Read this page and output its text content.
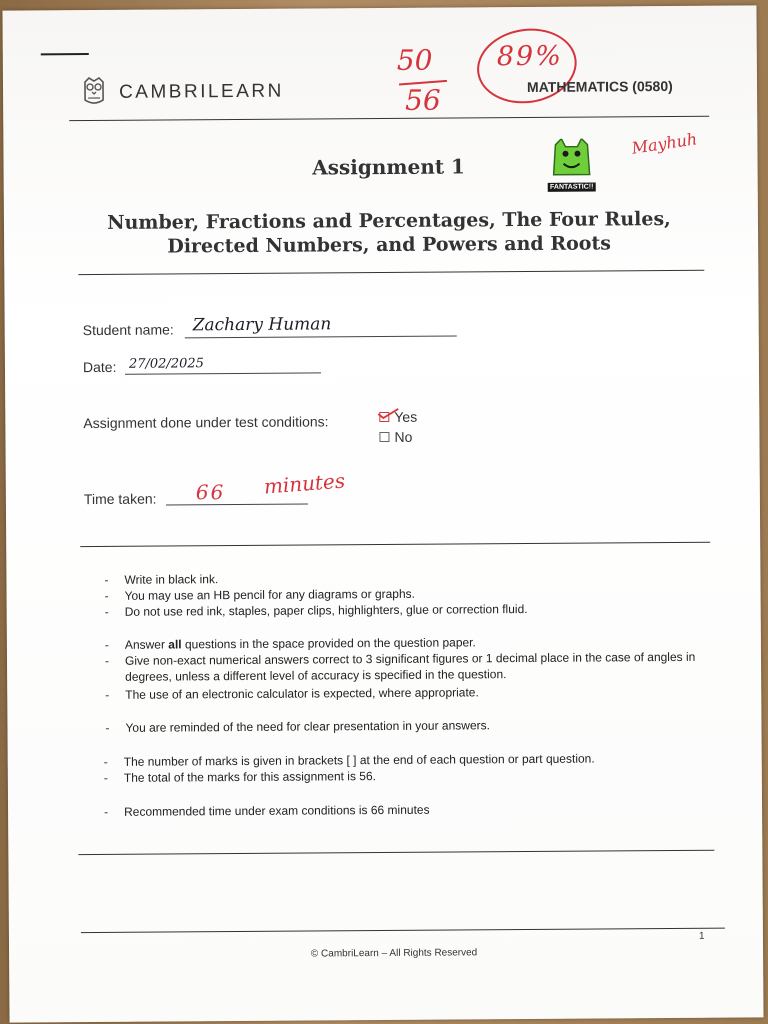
CAMBRILEARN
50
56
89%
MATHEMATICS (0580)
Assignment 1
FANTASTIC!!
Mayhuh
Number, Fractions and Percentages, The Four Rules,
Directed Numbers, and Powers and Roots
Student name: Zachary Human
Date: 27/02/2025
Assignment done under test conditions:	Yes
No
Time taken: 66 minutes
- Write in black ink.
- You may use an HB pencil for any diagrams or graphs.
- Do not use red ink, staples, paper clips, highlighters, glue or correction fluid.
- Answer all questions in the space provided on the question paper.
- Give non-exact numerical answers correct to 3 significant figures or 1 decimal place in the case of angles in degrees, unless a different level of accuracy is specified in the question.
- The use of an electronic calculator is expected, where appropriate.
- You are reminded of the need for clear presentation in your answers.
- The number of marks is given in brackets [ ] at the end of each question or part question.
- The total of the marks for this assignment is 56.
- Recommended time under exam conditions is 66 minutes
1
© CambriLearn – All Rights Reserved
